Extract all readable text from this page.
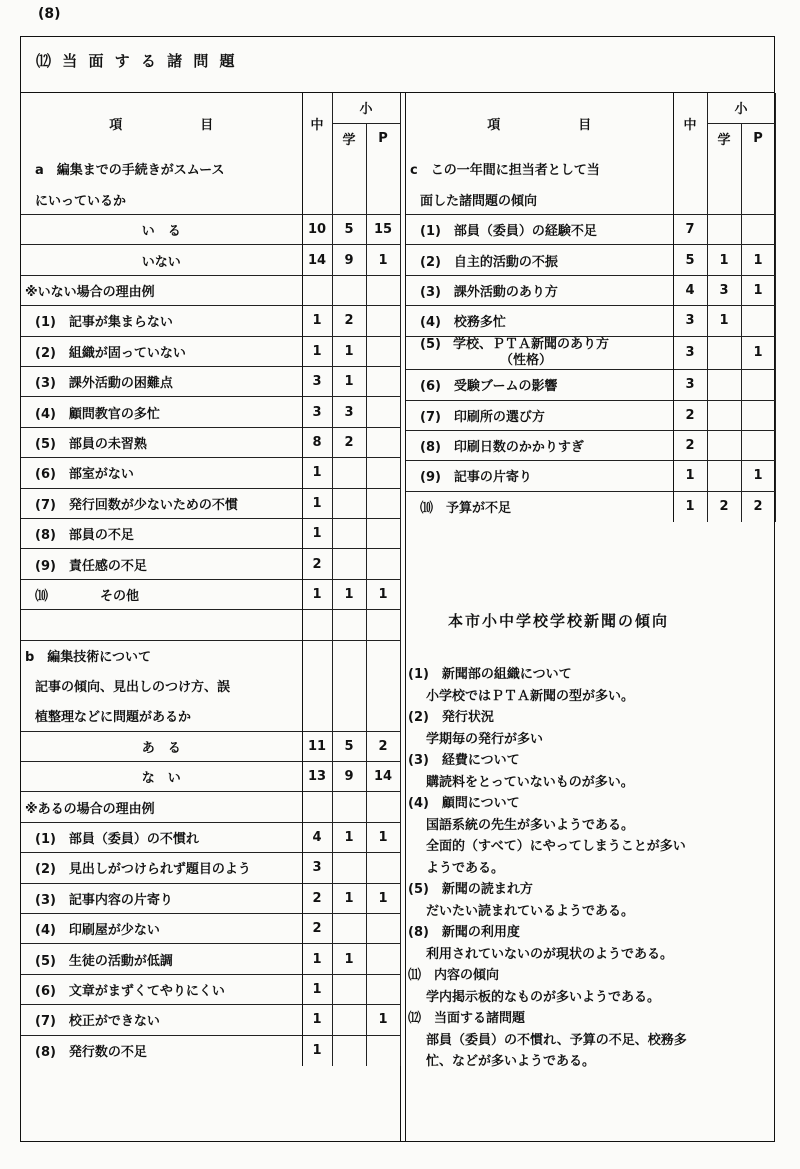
(8)
⑿ 当 面 す る 諸 問 題
項　　　　　　目	中	小	
		学	P
a　編集までの手続きがスムース			
にいっているか			
い　る	10	5	15
いない	14	9	1
※いない場合の理由例			
(1)　記事が集まらない	1	2	
(2)　組織が固っていない	1	1	
(3)　課外活動の困難点	3	1	
(4)　顧問教官の多忙	3	3	
(5)　部員の未習熟	8	2	
(6)　部室がない	1		
(7)　発行回数が少ないための不慣	1		
(8)　部員の不足	1		
(9)　責任感の不足	2		
⑽　　　　その他	1	1	1

b　編集技術について			
記事の傾向、見出しのつけ方、誤			
植整理などに問題があるか			
あ　る	11	5	2
な　い	13	9	14
※あるの場合の理由例			
(1)　部員（委員）の不慣れ	4	1	1
(2)　見出しがつけられず題目のよう	3		
(3)　記事内容の片寄り	2	1	1
(4)　印刷屋が少ない	2		
(5)　生徒の活動が低調	1	1	
(6)　文章がまずくてやりにくい	1		
(7)　校正ができない	1		1
(8)　発行数の不足	1		
項　　　　　　目	中	小	
		学	P
c　この一年間に担当者として当			
面した諸問題の傾向			
(1)　部員（委員）の経験不足	7		
(2)　自主的活動の不振	5	1	1
(3)　課外活動のあり方	4	3	1
(4)　校務多忙	3	1	
(5) 学校、ＰＴＡ新聞のあり方
（性格）	3		1
(6)　受験ブームの影響	3		
(7)　印刷所の選び方	2		
(8)　印刷日数のかかりすぎ	2		
(9)　記事の片寄り	1		1
⑽　予算が不足	1	2	2
本市小中学校学校新聞の傾向
(1)　新聞部の組織について
小学校ではＰＴＡ新聞の型が多い。
(2)　発行状況
学期毎の発行が多い
(3)　経費について
購読料をとっていないものが多い。
(4)　顧問について
国語系統の先生が多いようである。
全面的（すべて）にやってしまうことが多い
ようである。
(5)　新聞の読まれ方
だいたい読まれているようである。
(8)　新聞の利用度
利用されていないのが現状のようである。
⑾　内容の傾向
学内掲示板的なものが多いようである。
⑿　当面する諸問題
部員（委員）の不慣れ、予算の不足、校務多
忙、などが多いようである。
